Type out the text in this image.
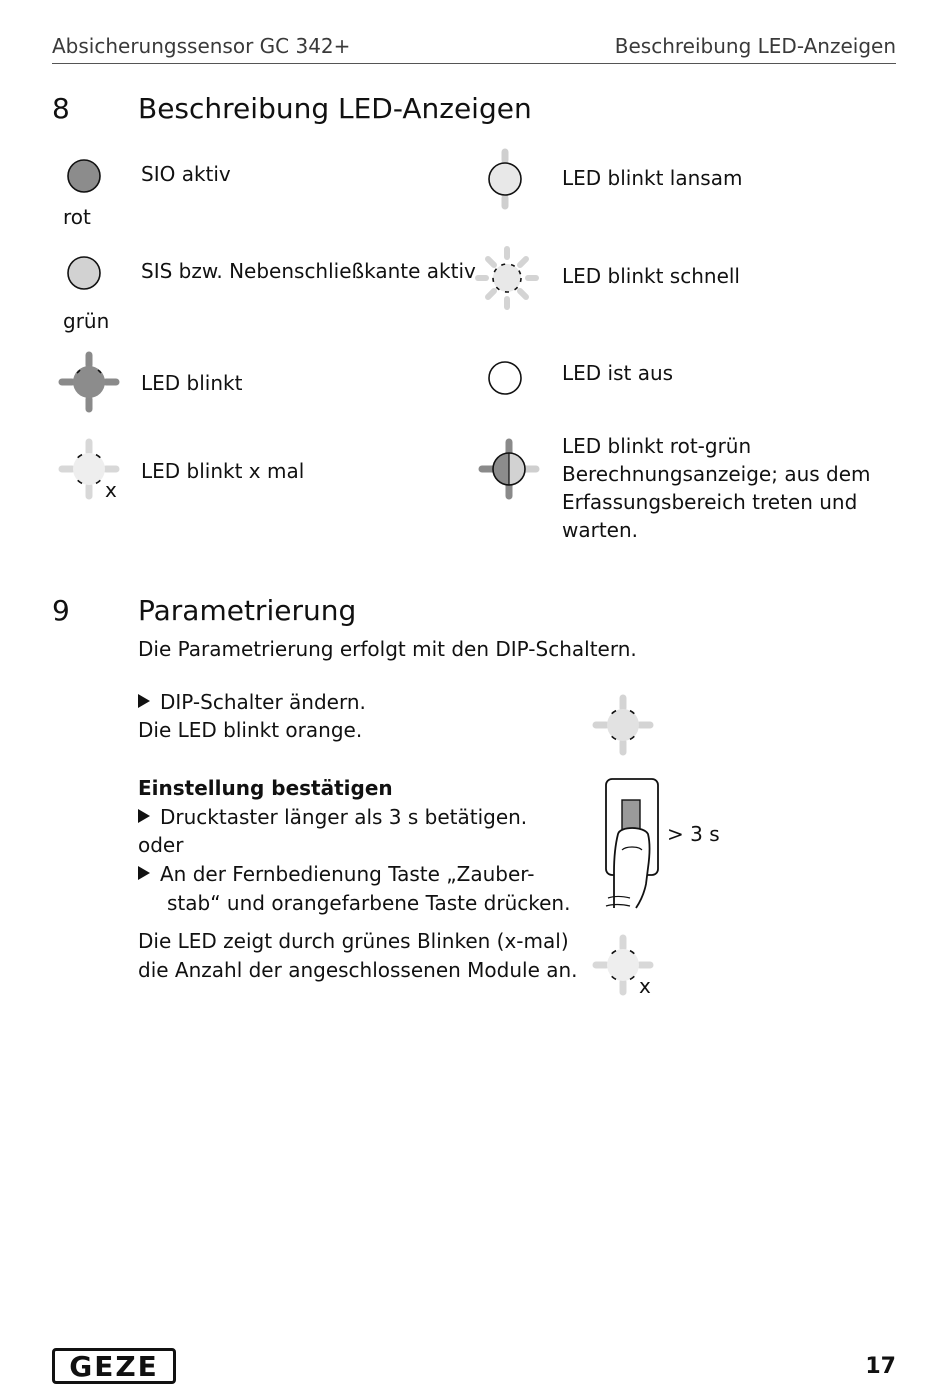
Absicherungssensor GC 342+	Beschreibung LED-Anzeigen
8 Beschreibung LED-Anzeigen
SIO aktiv
rot
SIS bzw. Nebenschließkante aktiv
grün
LED blinkt
x
LED blinkt x mal
LED blinkt lansam
LED blinkt schnell
LED ist aus
LED blinkt rot-grün
Berechnungsanzeige; aus dem
Erfassungsbereich treten und
warten.
9 Parametrierung
Die Parametrierung erfolgt mit den DIP-Schaltern.
DIP-Schalter ändern.
Die LED blinkt orange.
Einstellung bestätigen
Drucktaster länger als 3 s betätigen.
oder
An der Fernbedienung Taste „Zauber-
stab“ und orangefarbene Taste drücken.
> 3 s
Die LED zeigt durch grünes Blinken (x-mal)
die Anzahl der angeschlossenen Module an.
x
GEZE	17
